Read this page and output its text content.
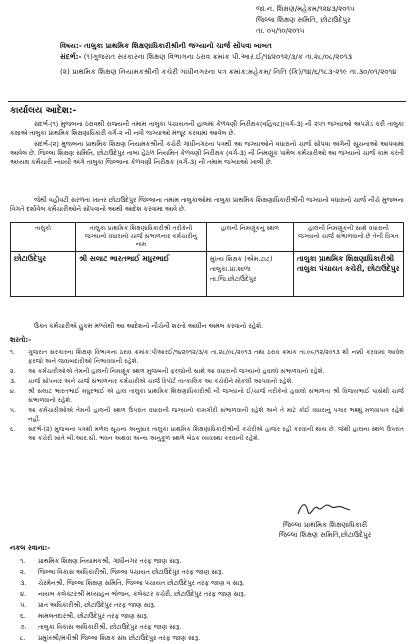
જા.નં. શિક્ષણ/મહેકમ/૧૨૪૩/૨૦૧૫
જિલ્લા શિક્ષણ સમિતિ, છોટાઉદેપુર
તા. ૦૫/૧૦/૨૦૧૫
વિષય:- તાલુકા પ્રાથમિક શિક્ષણાધિકારીશ્રીની જગ્યાનો ચાર્જ સોંપવા બાબત
સંદર્ભ:- (૧)ગુજરાત સરકારના શિક્ષણ વિભાગના ઠરાવ ક્રમાંક પી.આર.ઈ/૧૪૨૦૧૨/૩/ક તા.૨૮/૦૮/૨૦૧૩
(૨) પ્રાથમિક શિક્ષણ નિયામકશ્રીની કચેરી ગાંધીનગરના પત્ર ક્રમાંક:મહેકમ/ નિતિ (કિ)/૧૪/૬/૧૮૩-૨૧૯ તા.૩૦/૦૧/૨૦૧૪
કાર્યાલય આદેશ:-
સંદર્ભ-(૧) મુજબના ઠરાવથી રાજ્યની તમામ તાલુકા પંચાયતની હાલમાં કેળવણી નિરીક્ષક(વહિવટ)(વર્ગ-૩) ની ૨૫૧ જગ્યાઓ અપગ્રેડ કરી તાલુકા કક્ષાએ તાલુકા પ્રાથમિક શિક્ષણાધિકારી વર્ગ-૨ ની નવી જગ્યાઓ મંજૂર કરવામાં આવેલ છે.
સંદર્ભ-(૨) મુજબના પ્રાથમિક શિક્ષણ નિયામકશ્રીની કચેરી ગાંધીનગરના પત્રથી આ જગ્યાઓને વધારાનો ચાર્જ સોંપવા અંગેની સૂચનાઓ આપવામાં આવેલ છે. જિલ્લા શિક્ષણ સમિતિ, છોટાઉદેપુર તાબા હેઠળ નિયમિત કેળવણી નિરીક્ષક (વર્ગ-૩) ની નિમણૂંક પામેલ કર્મચારીઓ આ જગ્યાનો ચાર્જ કામ કરતી અધ્યક્ષ કર્મચારી ન્યાયી અંગે તાલુકા જિલ્લાના કેળવણી નિરીક્ષક (વર્ગ-૩) ની તમામ જગ્યાઓ ખાલી છે.
જેથી વહીવટી સરળતા ખાતર છોટાઉદેપુર જિલ્લાના તમામ તાલુકાઓમાં તાલુકા પ્રાથમિક શિક્ષણાધિકારીશ્રીની જગ્યાનો વધારાનો ચાર્જ નીચે મુજબના વિગતે દર્શાવેલ કર્મચારીઓને સોંપવાનો આથી આદેશ કરવામાં આવે છે.
તાલુકો	તાલુકા પ્રાથમિક શિક્ષણાધિકારીશ્રી તરીકેની જગ્યાનો વધારાનો ચાર્જ સંભાળનાર કર્મચારીનું નામ	હાલની નિમણૂંકનું સ્થળ	હાલની નિમણૂંકની સાથે વધારાની જગ્યાનો ચાર્જ સંભાળવાનો છે તેની વિગત
છોટાઉદેપુર	શ્રી સલાટ ભારતભાઈ મધુરભાઈ	મુખ્ય શિક્ષક (એમ.ટાટ) તાલુકા.પ્રા.શાળા તા.જિ.છોટાઉદેપુર	તાલુકા પ્રાથમિક શિક્ષણાધિકારીશ્રી તાલુકા પંચાયત કચેરી, છોટાઉદેપુર
ઉક્ત કર્મચારીએ હુકમ મળ્યેથી આ આદેશનો નીચેની શરતો આધીન અમલ કરવાનો રહેશે.
શરતો:-
૧.	ગુજરાત સરકારના શિક્ષણ વિભાગના ઠરાવ ક્રમાંક:પીઆરઈ/૧૪૨૦૧૨/૩/ક તા.૨૮/૦૮/૨૦૧૩ તથા ઠરાવ ક્રમાંક તા.૦૯/૧૨/૨૦૧૩ થી નક્કી કરવામાં આવેલ ફરજો અને જવાબદારીઓ નિભાવવાની રહેશે.
૨.	આ કર્મચારીઓએ તેમની હાલની નિમણૂંક સ્થળ મુજબની ફરજોની સાથે આ વધારાની જગ્યાનો હવાલો સંભાળવાનો રહેશે.
૩.	ચાર્જ સોંપનાર અને ચાર્જ સંભાળનાર કર્મચારીએ ચાર્જ રિપોર્ટ તાત્કાલિક આ કચેરીને મોકલી આપવાનો રહેશે.
૪.	શ્રી સલાટ ભારતભાઈ મધુરભાઈ એ હાલ તાલુકા પ્રાથમિક શિક્ષણાધિકારીશ્રી ની જગ્યાનો ઈ/ચાર્જ તરીકેનો હવાલો સંભાળતા શ્રી વિજયભાઈ પાસેથી ચાર્જ સંભાળવાનો રહેશે.
૫.	આ કર્મચારીઓએ તેમની હાલની સ્થળ ઉપરાંત વધારાની જગ્યાનો કામગીરી સંભાળવાની રહેશે અને તે માટે કોઈ વધારાનું પગાર ભથ્થું મળવાપાત્ર રહેશે નહીં.
૬.	સંદર્ભ-(૨) મુજબના પત્રથી મળેલ સૂચના અનુસાર તાલુકા પ્રાથમિક શિક્ષણાધિકારીશ્રીની કચેરીએ હાજર રહી કરવાની થાય છે. જેથી હાલના સ્થળ ઉપરાંત આ કચેરી ખાતે બી.આર.સી. ભવન અથવા અન્ય અનુકૂળ સ્થળે બેઠક વ્યવસ્થા કરવાની રહેશે.
જિલ્લા પ્રાથમિક શિક્ષણાધિકારી
જિલ્લા શિક્ષણ સમિતિ,છોટાઉદેપુર
નકલ રવાના:-
૧.	પ્રાથમિક શિક્ષણ નિયામકશ્રી, ગાંધીનગર તરફ જાણ સારૂ.
૨.	જિલ્લા વિકાસ અધિકારીશ્રી, જિલ્લા પંચાયત છોટાઉદેપુર તરફ જાણ સારૂ.
૩.	ચેરમેનશ્રી, જિલ્લા શિક્ષણ સમિતિ, જિલ્લા પંચાયત છોટાઉદેપુર તરફ જાણ વ સારૂ.
૪.	નાયબ કલેક્ટરશ્રી મધ્યાહન ભોજન, કલેક્ટર કચેરી, છોટાઉદેપુર તરફ જાણ સારૂ.
૫.	પ્રાંત અધિકારીશ્રી, છોટાઉદેપુર તરફ જાણ સારૂ.
૬.	મામલતદારશ્રી, છોટાઉદેપુર તરફ જાણ સારૂ.
૭.	તાલુકા વિકાસ અધિકારીશ્રી, છોટાઉદેપુર તરફ જાણ સારૂ.
૮.	પ્રમુખશ્રી/મંત્રીશ્રી જિલ્લા શિક્ષક સંઘ છોટાઉદેપુર તરફ જાણ સારૂ.
